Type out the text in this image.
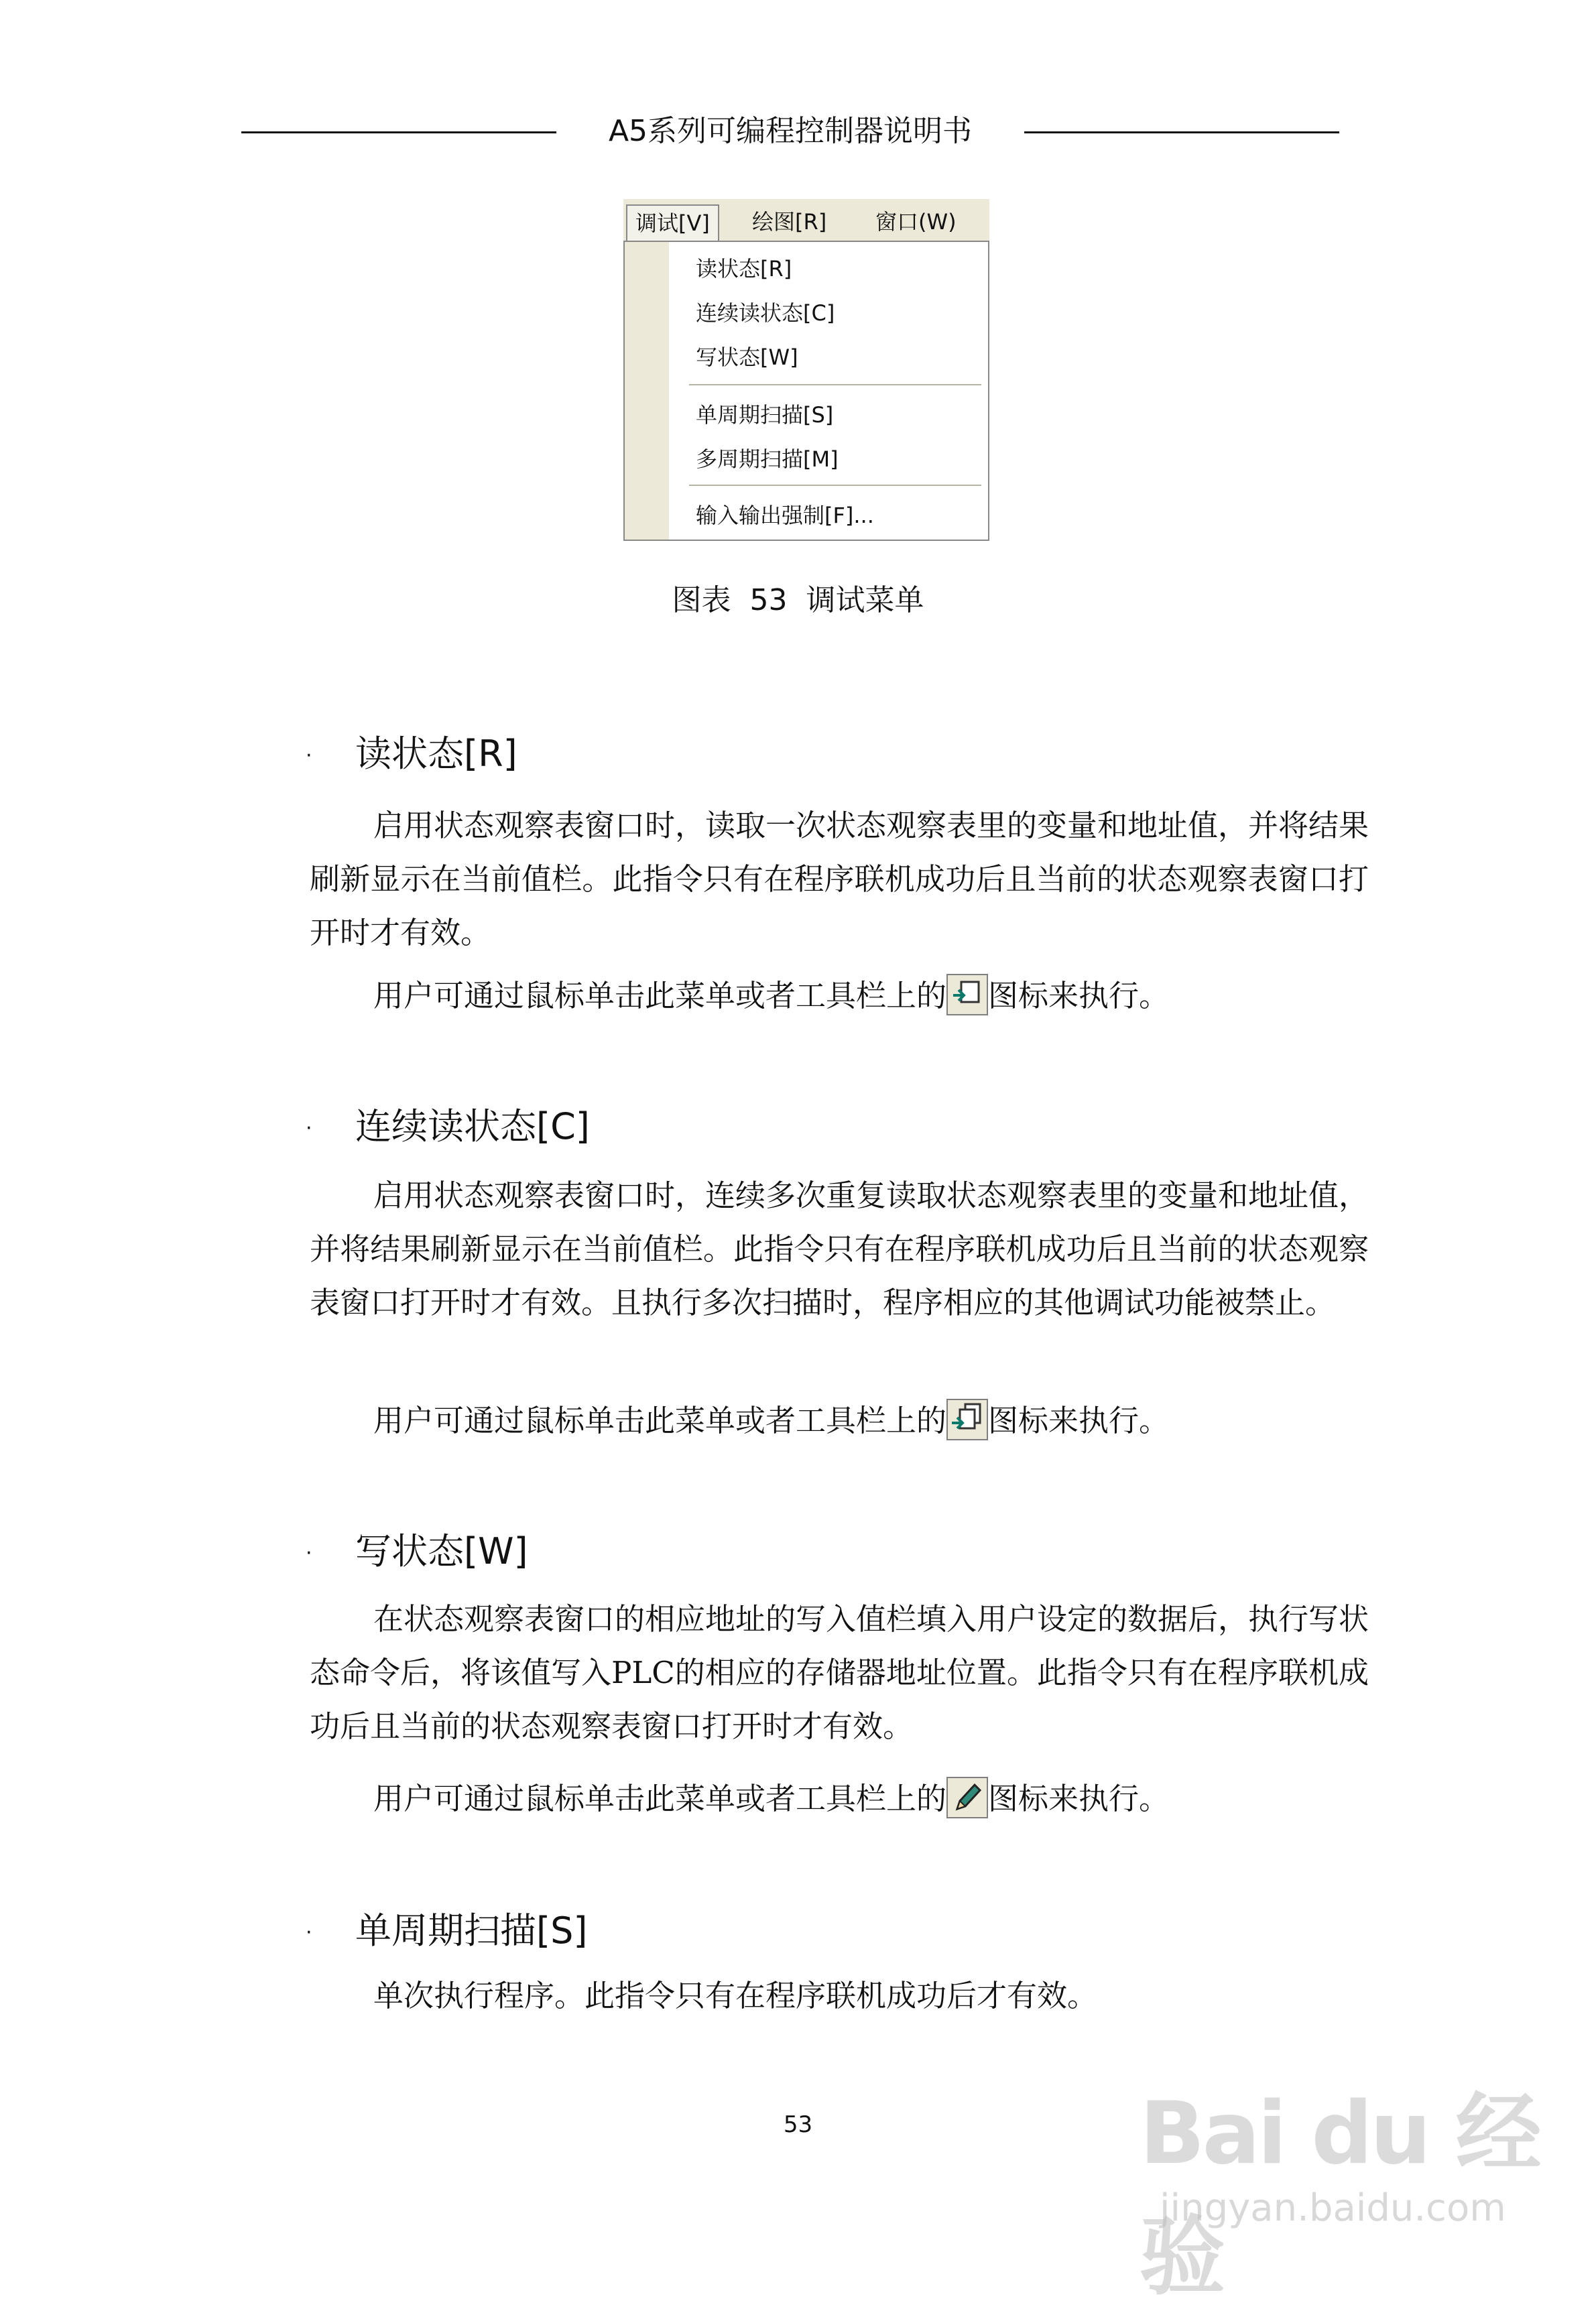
A5系列可编程控制器说明书
调试[V]	绘图[R]	窗口(W)
读状态[R]
连续读状态[C]
写状态[W]
单周期扫描[S]
多周期扫描[M]
输入输出强制[F]...
图表 53 调试菜单
· 读状态[R]
启用状态观察表窗口时，读取一次状态观察表里的变量和地址值，并将结果刷新显示在当前值栏。此指令只有在程序联机成功后且当前的状态观察表窗口打开时才有效。
用户可通过鼠标单击此菜单或者工具栏上的 图标来执行。
· 连续读状态[C]
启用状态观察表窗口时，连续多次重复读取状态观察表里的变量和地址值，并将结果刷新显示在当前值栏。此指令只有在程序联机成功后且当前的状态观察表窗口打开时才有效。且执行多次扫描时，程序相应的其他调试功能被禁止。
用户可通过鼠标单击此菜单或者工具栏上的 图标来执行。
· 写状态[W]
在状态观察表窗口的相应地址的写入值栏填入用户设定的数据后，执行写状态命令后，将该值写入PLC的相应的存储器地址位置。此指令只有在程序联机成功后且当前的状态观察表窗口打开时才有效。
用户可通过鼠标单击此菜单或者工具栏上的 图标来执行。
· 单周期扫描[S]
单次执行程序。此指令只有在程序联机成功后才有效。
53	Bai du 经验
jingyan.baidu.com
